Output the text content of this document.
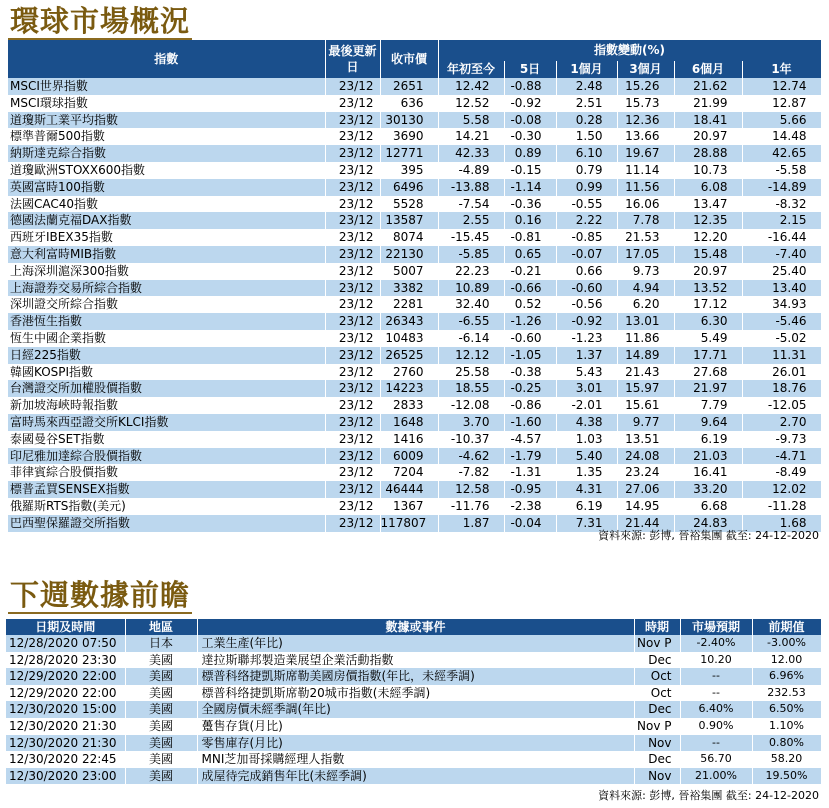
環球市場概況
指數	最後更新日	收市價	指數變動(%)					
			年初至今	5日	1個月	3個月	6個月	1年
MSCI世界指數	23/12	2651	12.42	-0.88	2.48	15.26	21.62	12.74
MSCI環球指數	23/12	636	12.52	-0.92	2.51	15.73	21.99	12.87
道瓊斯工業平均指數	23/12	30130	5.58	-0.08	0.28	12.36	18.41	5.66
標準普爾500指數	23/12	3690	14.21	-0.30	1.50	13.66	20.97	14.48
納斯達克綜合指數	23/12	12771	42.33	0.89	6.10	19.67	28.88	42.65
道瓊歐洲STOXX600指數	23/12	395	-4.89	-0.15	0.79	11.14	10.73	-5.58
英國富時100指數	23/12	6496	-13.88	-1.14	0.99	11.56	6.08	-14.89
法國CAC40指數	23/12	5528	-7.54	-0.36	-0.55	16.06	13.47	-8.32
德國法蘭克福DAX指數	23/12	13587	2.55	0.16	2.22	7.78	12.35	2.15
西班牙IBEX35指數	23/12	8074	-15.45	-0.81	-0.85	21.53	12.20	-16.44
意大利富時MIB指數	23/12	22130	-5.85	0.65	-0.07	17.05	15.48	-7.40
上海深圳滬深300指數	23/12	5007	22.23	-0.21	0.66	9.73	20.97	25.40
上海證券交易所綜合指數	23/12	3382	10.89	-0.66	-0.60	4.94	13.52	13.40
深圳證交所綜合指數	23/12	2281	32.40	0.52	-0.56	6.20	17.12	34.93
香港恆生指數	23/12	26343	-6.55	-1.26	-0.92	13.01	6.30	-5.46
恆生中國企業指數	23/12	10483	-6.14	-0.60	-1.23	11.86	5.49	-5.02
日經225指數	23/12	26525	12.12	-1.05	1.37	14.89	17.71	11.31
韓國KOSPI指數	23/12	2760	25.58	-0.38	5.43	21.43	27.68	26.01
台灣證交所加權股價指數	23/12	14223	18.55	-0.25	3.01	15.97	21.97	18.76
新加坡海峽時報指數	23/12	2833	-12.08	-0.86	-2.01	15.61	7.79	-12.05
富時馬來西亞證交所KLCI指數	23/12	1648	3.70	-1.60	4.38	9.77	9.64	2.70
泰國曼谷SET指數	23/12	1416	-10.37	-4.57	1.03	13.51	6.19	-9.73
印尼雅加達綜合股價指數	23/12	6009	-4.62	-1.79	5.40	24.08	21.03	-4.71
菲律賓綜合股價指數	23/12	7204	-7.82	-1.31	1.35	23.24	16.41	-8.49
標普孟買SENSEX指數	23/12	46444	12.58	-0.95	4.31	27.06	33.20	12.02
俄羅斯RTS指數(美元)	23/12	1367	-11.76	-2.38	6.19	14.95	6.68	-11.28
巴西聖保羅證交所指數	23/12	117807	1.87	-0.04	7.31	21.44	24.83	1.68
資料來源: 彭博, 晉裕集團 截至: 24-12-2020
下週數據前瞻
日期及時間	地區	數據或事件	時期	市場預期	前期值
12/28/2020 07:50	日本	工業生產(年比)	Nov P	-2.40%	-3.00%
12/28/2020 23:30	美國	達拉斯聯邦製造業展望企業活動指數	Dec	10.20	12.00
12/29/2020 22:00	美國	標普科络捷凱斯席勒美國房價指數(年比，未經季調)	Oct	--	6.96%
12/29/2020 22:00	美國	標普科络捷凱斯席勒20城市指數(未經季調)	Oct	--	232.53
12/30/2020 15:00	美國	全國房價未經季調(年比)	Dec	6.40%	6.50%
12/30/2020 21:30	美國	躉售存貨(月比)	Nov P	0.90%	1.10%
12/30/2020 21:30	美國	零售庫存(月比)	Nov	--	0.80%
12/30/2020 22:45	美國	MNI芝加哥採購經理人指數	Dec	56.70	58.20
12/30/2020 23:00	美國	成屋待完成銷售年比(未經季調)	Nov	21.00%	19.50%
資料來源: 彭博, 晉裕集團 截至: 24-12-2020
